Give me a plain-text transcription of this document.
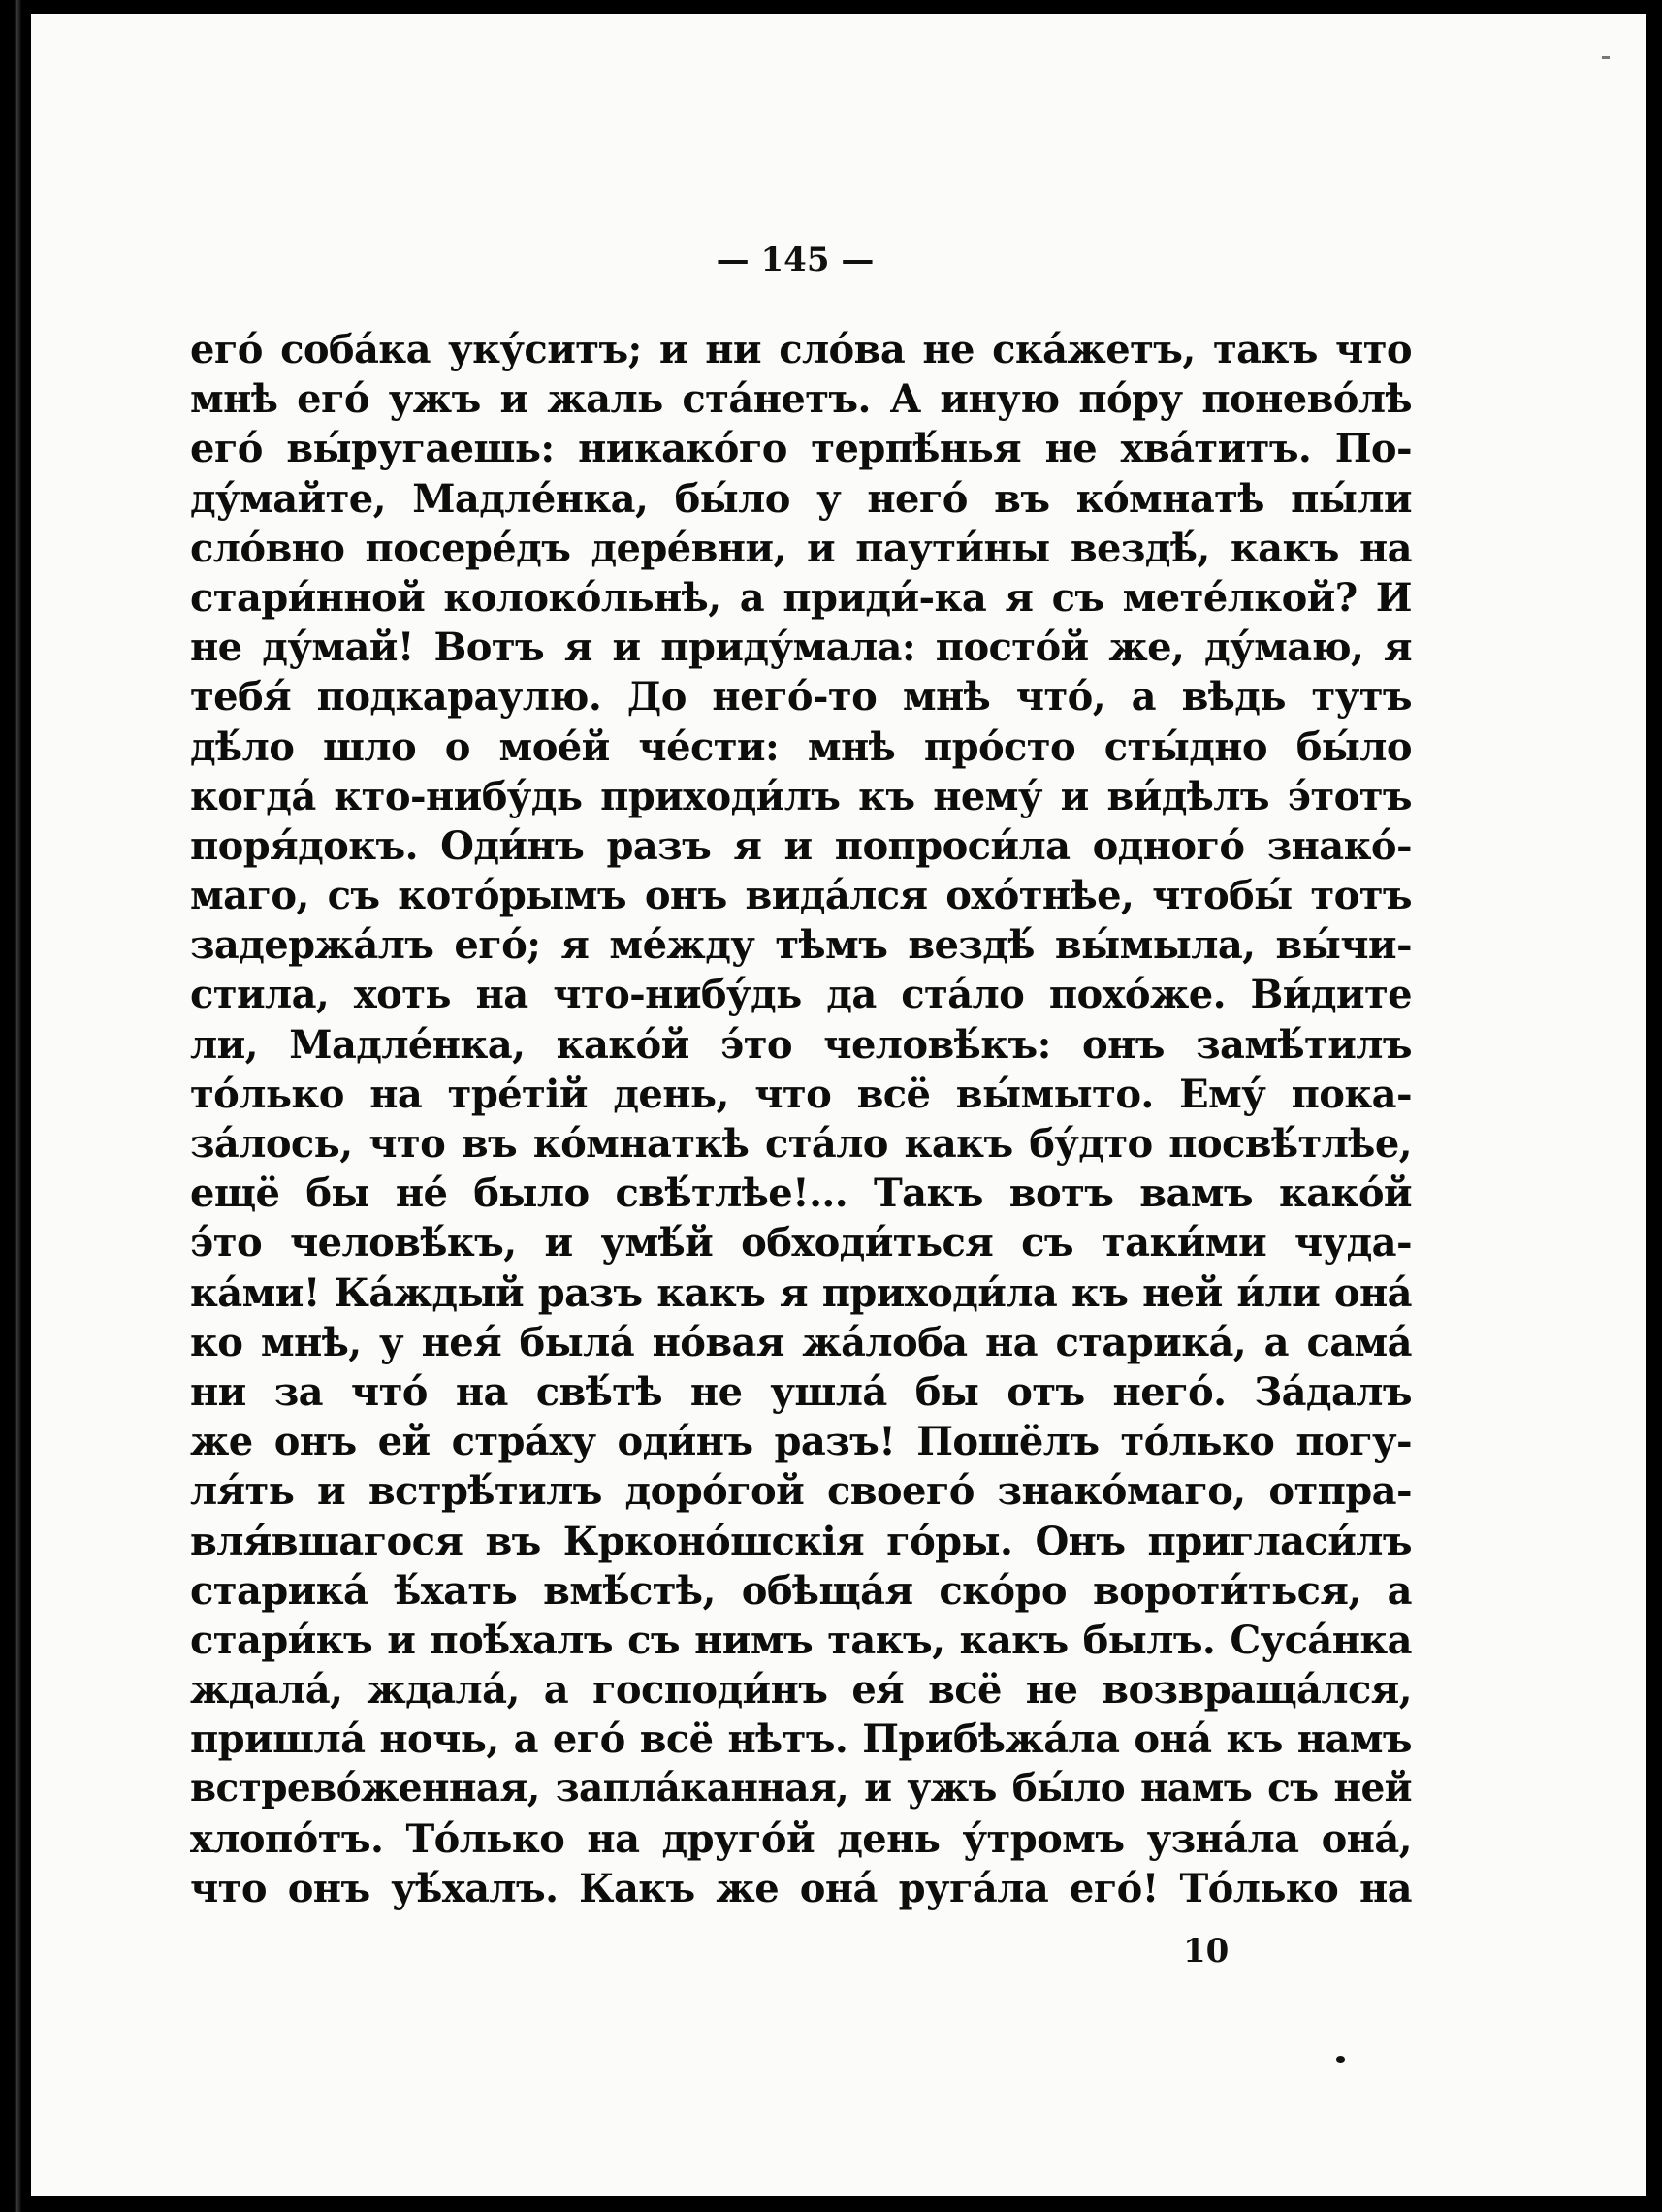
— 145 —
его́ соба́ка уку́ситъ; и ни сло́ва не ска́жетъ, такъ что
мнѣ его́ ужъ и жаль ста́нетъ. А иную по́ру понево́лѣ
его́ вы́ругаешь: никако́го терпѣ́нья не хва́титъ. По-
ду́майте, Мадле́нка, бы́ло у него́ въ ко́мнатѣ пы́ли
сло́вно посере́дъ дере́вни, и паути́ны вездѣ́, какъ на
стари́нной колоко́льнѣ, а приди́-ка я съ мете́лкой? И
не ду́май! Вотъ я и приду́мала: посто́й же, ду́маю, я
тебя́ подкараулю. До него́-то мнѣ что́, а вѣдь тутъ
дѣ́ло шло о мое́й че́сти: мнѣ про́сто сты́дно бы́ло
когда́ кто-нибу́дь приходи́лъ къ нему́ и ви́дѣлъ э́тотъ
поря́докъ. Оди́нъ разъ я и попроси́ла одного́ знако́-
маго, съ кото́рымъ онъ вида́лся охо́тнѣе, чтобы́ тотъ
задержа́лъ его́; я ме́жду тѣмъ вездѣ́ вы́мыла, вы́чи-
стила, хоть на что-нибу́дь да ста́ло похо́же. Ви́дите
ли, Мадле́нка, како́й э́то человѣ́къ: онъ замѣ́тилъ
то́лько на тре́тій день, что всё вы́мыто. Ему́ пока-
за́лось, что въ ко́мнаткѣ ста́ло какъ бу́дто посвѣ́тлѣе,
ещё бы не́ было свѣ́тлѣе!... Такъ вотъ вамъ како́й
э́то человѣ́къ, и умѣ́й обходи́ться съ таки́ми чуда-
ка́ми! Ка́ждый разъ какъ я приходи́ла къ ней и́ли она́
ко мнѣ, у нея́ была́ но́вая жа́лоба на старика́, а сама́
ни за что́ на свѣ́тѣ не ушла́ бы отъ него́. За́далъ
же онъ ей стра́ху оди́нъ разъ! Пошёлъ то́лько погу-
ля́ть и встрѣ́тилъ доро́гой своего́ знако́маго, отпра-
вля́вшагося въ Крконо́шскія го́ры. Онъ пригласи́лъ
старика́ ѣ́хать вмѣ́стѣ, обѣща́я ско́ро вороти́ться, а
стари́къ и поѣ́халъ съ нимъ такъ, какъ былъ. Суса́нка
ждала́, ждала́, а господи́нъ ея́ всё не возвраща́лся,
пришла́ ночь, а его́ всё нѣтъ. Прибѣжа́ла она́ къ намъ
встрево́женная, запла́канная, и ужъ бы́ло намъ съ ней
хлопо́тъ. То́лько на друго́й день у́тромъ узна́ла она́,
что онъ уѣ́халъ. Какъ же она́ руга́ла его́! То́лько на
10
